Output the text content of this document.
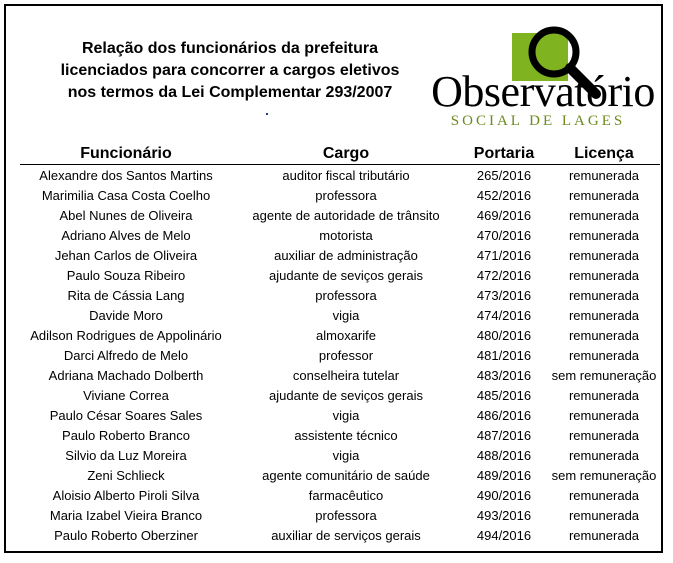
Relação dos funcionários da prefeitura
licenciados para concorrer a cargos eletivos
nos termos da Lei Complementar 293/2007 Observatório
SOCIAL DE LAGES
Funcionário	Cargo	Portaria	Licença
Alexandre dos Santos Martins	auditor fiscal tributário	265/2016	remunerada
Marimilia Casa Costa Coelho	professora	452/2016	remunerada
Abel Nunes de Oliveira	agente de autoridade de trânsito	469/2016	remunerada
Adriano Alves de Melo	motorista	470/2016	remunerada
Jehan Carlos de Oliveira	auxiliar de administração	471/2016	remunerada
Paulo Souza Ribeiro	ajudante de seviços gerais	472/2016	remunerada
Rita de Cássia Lang	professora	473/2016	remunerada
Davide Moro	vigia	474/2016	remunerada
Adilson Rodrigues de Appolinário	almoxarife	480/2016	remunerada
Darci Alfredo de Melo	professor	481/2016	remunerada
Adriana Machado Dolberth	conselheira tutelar	483/2016	sem remuneração
Viviane Correa	ajudante de seviços gerais	485/2016	remunerada
Paulo César Soares Sales	vigia	486/2016	remunerada
Paulo Roberto Branco	assistente técnico	487/2016	remunerada
Silvio da Luz Moreira	vigia	488/2016	remunerada
Zeni Schlieck	agente comunitário de saúde	489/2016	sem remuneração
Aloisio Alberto Piroli Silva	farmacêutico	490/2016	remunerada
Maria Izabel Vieira Branco	professora	493/2016	remunerada
Paulo Roberto Oberziner	auxiliar de serviços gerais	494/2016	remunerada
